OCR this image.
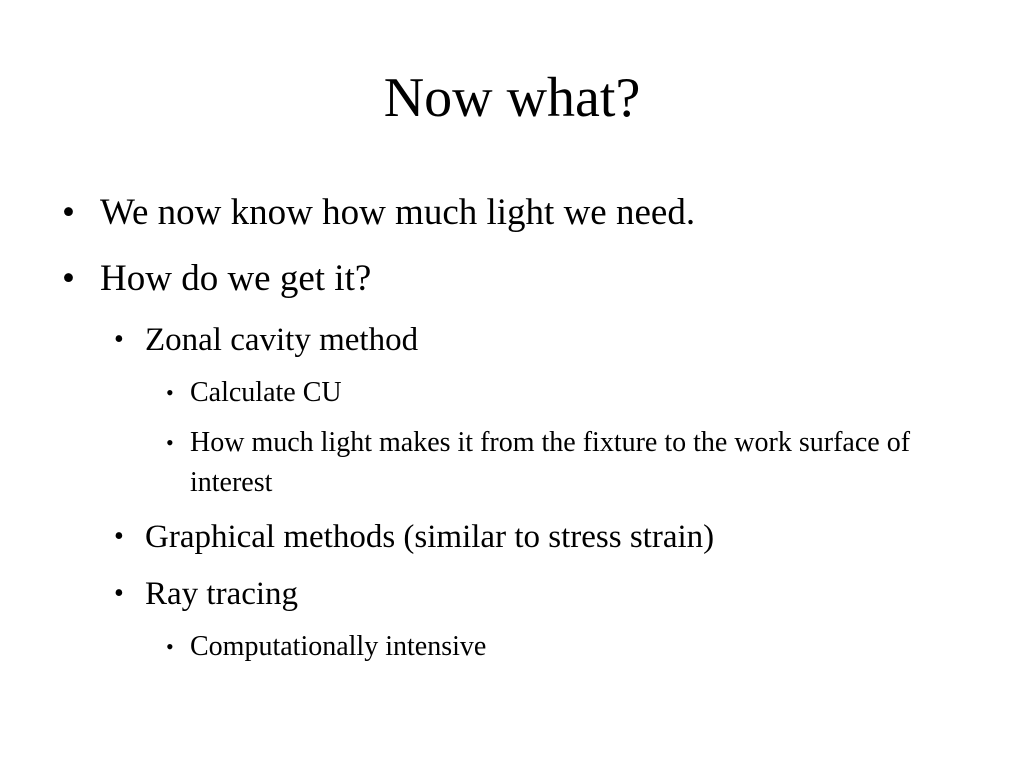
Now what?
• We now know how much light we need.
• How do we get it?
• Zonal cavity method
• Calculate CU
• How much light makes it from the fixture to the work surface of interest
• Graphical methods (similar to stress strain)
• Ray tracing
• Computationally intensive
